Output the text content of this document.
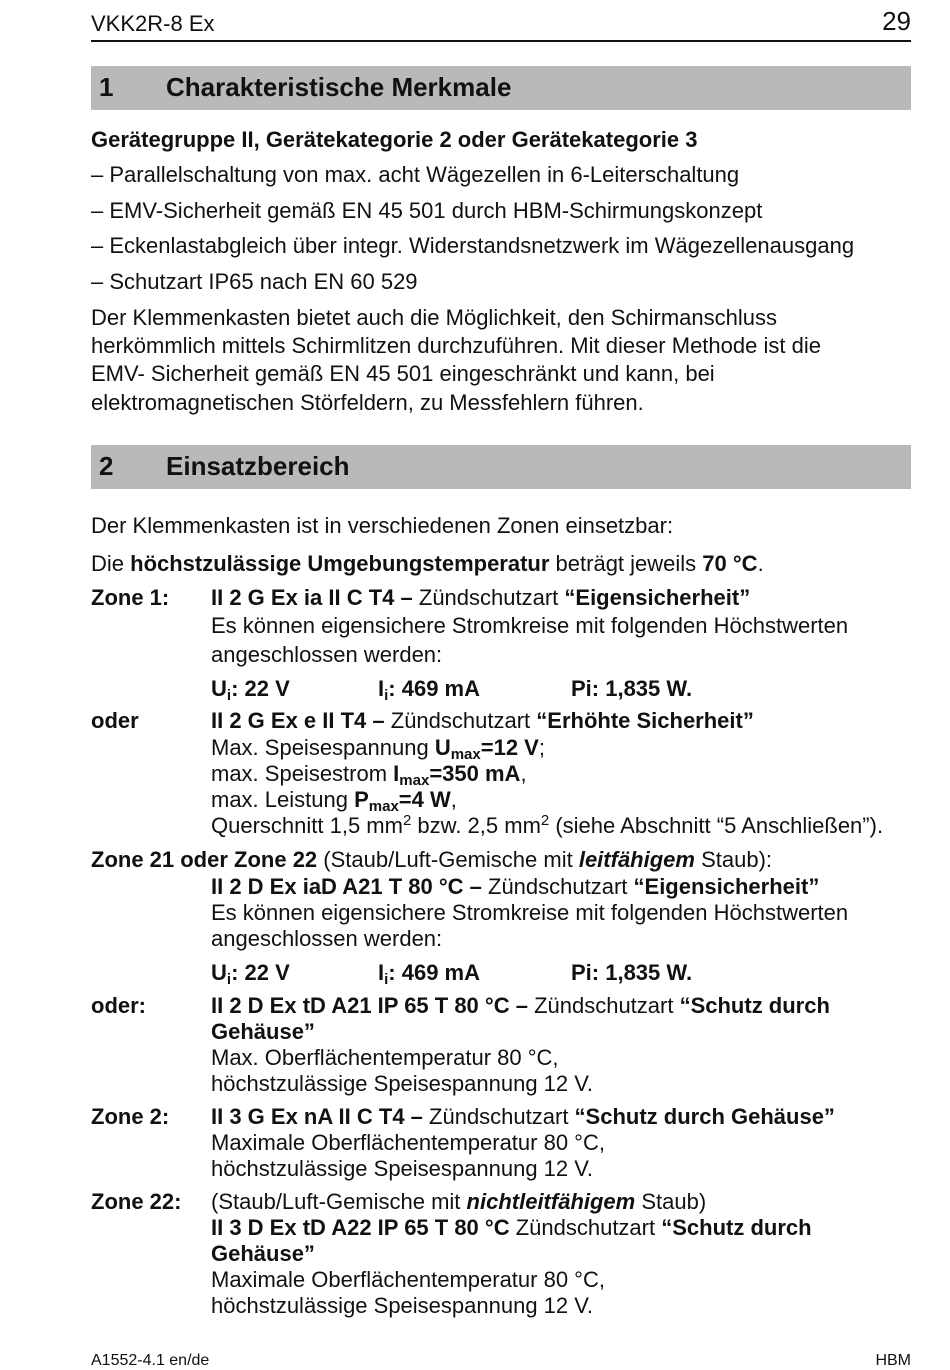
VKK2R-8 Ex	29
1 Charakteristische Merkmale
Gerätegruppe II, Gerätekategorie 2 oder Gerätekategorie 3
– Parallelschaltung von max. acht Wägezellen in 6-Leiterschaltung
– EMV-Sicherheit gemäß EN 45 501 durch HBM-Schirmungskonzept
– Eckenlastabgleich über integr. Widerstandsnetzwerk im Wägezellenausgang
– Schutzart IP65 nach EN 60 529
Der Klemmenkasten bietet auch die Möglichkeit, den Schirmanschluss
herkömmlich mittels Schirmlitzen durchzuführen. Mit dieser Methode ist die
EMV- Sicherheit gemäß EN 45 501 eingeschränkt und kann, bei
elektromagnetischen Störfeldern, zu Messfehlern führen.
2 Einsatzbereich
Der Klemmenkasten ist in verschiedenen Zonen einsetzbar:
Die höchstzulässige Umgebungstemperatur beträgt jeweils 70 °C.
Zone 1: II 2 G Ex ia II C T4 – Zündschutzart “Eigensicherheit”
Es können eigensichere Stromkreise mit folgenden Höchstwerten
angeschlossen werden:
$U_i$: 22 V	$I_i$: 469 mA	Pi: 1,835 W.
oder	II 2 G Ex e II T4 – Zündschutzart “Erhöhte Sicherheit”
Max. Speisespannung $U_{max}=12$ V;
max. Speisestrom $I_{max}=350$ mA,
max. Leistung $P_{max}=4$ W,
Querschnitt 1,5 $mm^2$ bzw. 2,5 $mm^2$ (siehe Abschnitt “5 Anschließen”).
Zone 21 oder Zone 22 (Staub/Luft-Gemische mit leitfähigem Staub):
II 2 D Ex iaD A21 T 80 °C – Zündschutzart “Eigensicherheit”
Es können eigensichere Stromkreise mit folgenden Höchstwerten
angeschlossen werden:
$U_i$: 22 V	$I_i$: 469 mA	Pi: 1,835 W.
oder:	II 2 D Ex tD A21 IP 65 T 80 °C – Zündschutzart “Schutz durch
Gehäuse”
Max. Oberflächentemperatur 80 °C,
höchstzulässige Speisespannung 12 V.
Zone 2: II 3 G Ex nA II C T4 – Zündschutzart “Schutz durch Gehäuse”
Maximale Oberflächentemperatur 80 °C,
höchstzulässige Speisespannung 12 V.
Zone 22: (Staub/Luft-Gemische mit nichtleitfähigem Staub)
II 3 D Ex tD A22 IP 65 T 80 °C Zündschutzart “Schutz durch
Gehäuse”
Maximale Oberflächentemperatur 80 °C,
höchstzulässige Speisespannung 12 V.
A1552-4.1 en/de	HBM
